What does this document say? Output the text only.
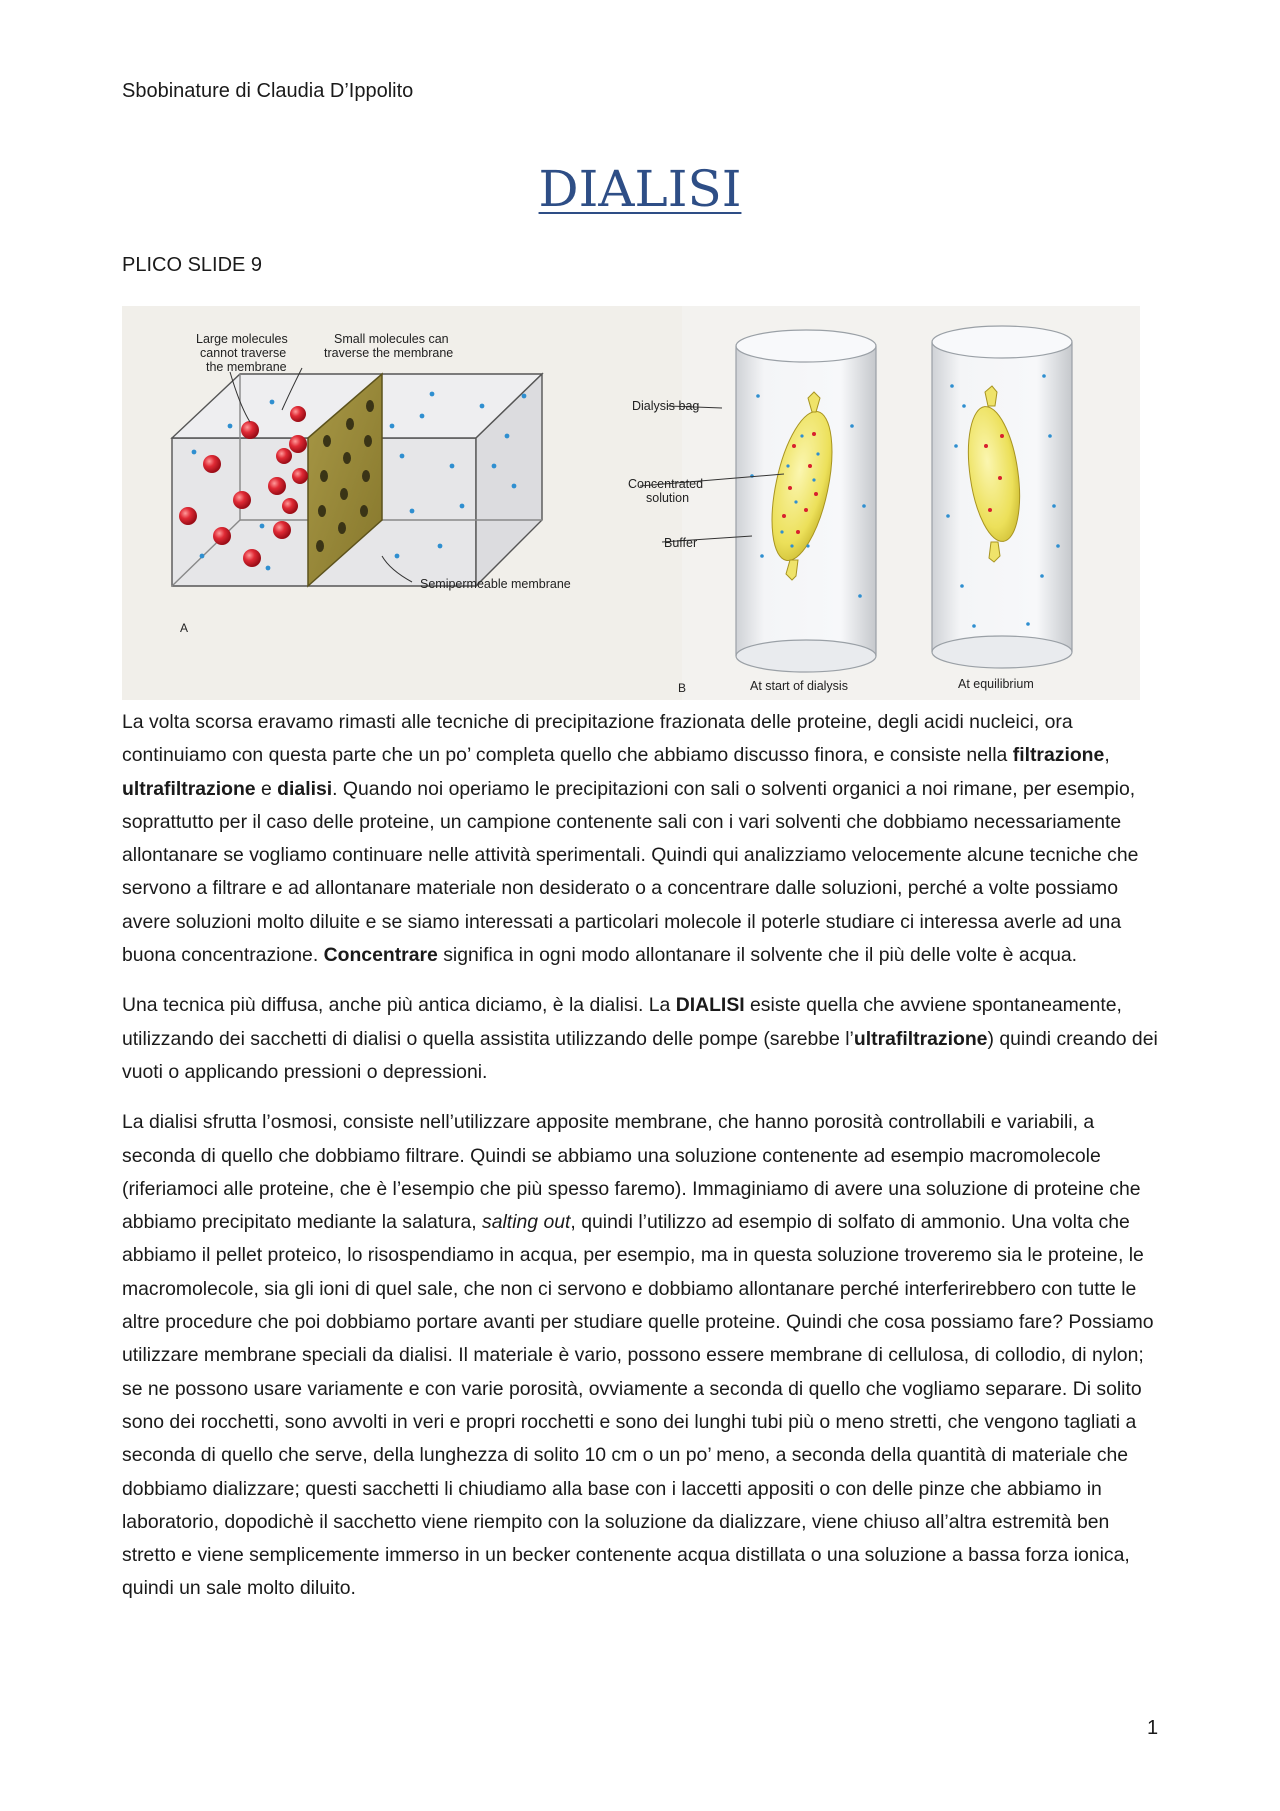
Sbobinature di Claudia D’Ippolito
DIALISI
PLICO SLIDE 9
Large molecules
cannot traverse
the membrane
Small molecules can
traverse the membrane
Semipermeable membrane
A
Dialysis bag
Concentrated
solution
Buffer
B	At start of dialysis	At equilibrium

La volta scorsa eravamo rimasti alle tecniche di precipitazione frazionata delle proteine, degli acidi nucleici, ora continuiamo con questa parte che un po’ completa quello che abbiamo discusso finora, e consiste nella filtrazione, ultrafiltrazione e dialisi. Quando noi operiamo le precipitazioni con sali o solventi organici a noi rimane, per esempio, soprattutto per il caso delle proteine, un campione contenente sali con i vari solventi che dobbiamo necessariamente allontanare se vogliamo continuare nelle attività sperimentali. Quindi qui analizziamo velocemente alcune tecniche che servono a filtrare e ad allontanare materiale non desiderato o a concentrare dalle soluzioni, perché a volte possiamo avere soluzioni molto diluite e se siamo interessati a particolari molecole il poterle studiare ci interessa averle ad una buona concentrazione. Concentrare significa in ogni modo allontanare il solvente che il più delle volte è acqua.

Una tecnica più diffusa, anche più antica diciamo, è la dialisi. La DIALISI esiste quella che avviene spontaneamente, utilizzando dei sacchetti di dialisi o quella assistita utilizzando delle pompe (sarebbe l’ultrafiltrazione) quindi creando dei vuoti o applicando pressioni o depressioni.

La dialisi sfrutta l’osmosi, consiste nell’utilizzare apposite membrane, che hanno porosità controllabili e variabili, a seconda di quello che dobbiamo filtrare. Quindi se abbiamo una soluzione contenente ad esempio macromolecole (riferiamoci alle proteine, che è l’esempio che più spesso faremo). Immaginiamo di avere una soluzione di proteine che abbiamo precipitato mediante la salatura, salting out, quindi l’utilizzo ad esempio di solfato di ammonio. Una volta che abbiamo il pellet proteico, lo risospendiamo in acqua, per esempio, ma in questa soluzione troveremo sia le proteine, le macromolecole, sia gli ioni di quel sale, che non ci servono e dobbiamo allontanare perché interferirebbero con tutte le altre procedure che poi dobbiamo portare avanti per studiare quelle proteine. Quindi che cosa possiamo fare? Possiamo utilizzare membrane speciali da dialisi. Il materiale è vario, possono essere membrane di cellulosa, di collodio, di nylon; se ne possono usare variamente e con varie porosità, ovviamente a seconda di quello che vogliamo separare. Di solito sono dei rocchetti, sono avvolti in veri e propri rocchetti e sono dei lunghi tubi più o meno stretti, che vengono tagliati a seconda di quello che serve, della lunghezza di solito 10 cm o un po’ meno, a seconda della quantità di materiale che dobbiamo dializzare; questi sacchetti li chiudiamo alla base con i laccetti appositi o con delle pinze che abbiamo in laboratorio, dopodichè il sacchetto viene riempito con la soluzione da dializzare, viene chiuso all’altra estremità ben stretto e viene semplicemente immerso in un becker contenente acqua distillata o una soluzione a bassa forza ionica, quindi un sale molto diluito.

1
